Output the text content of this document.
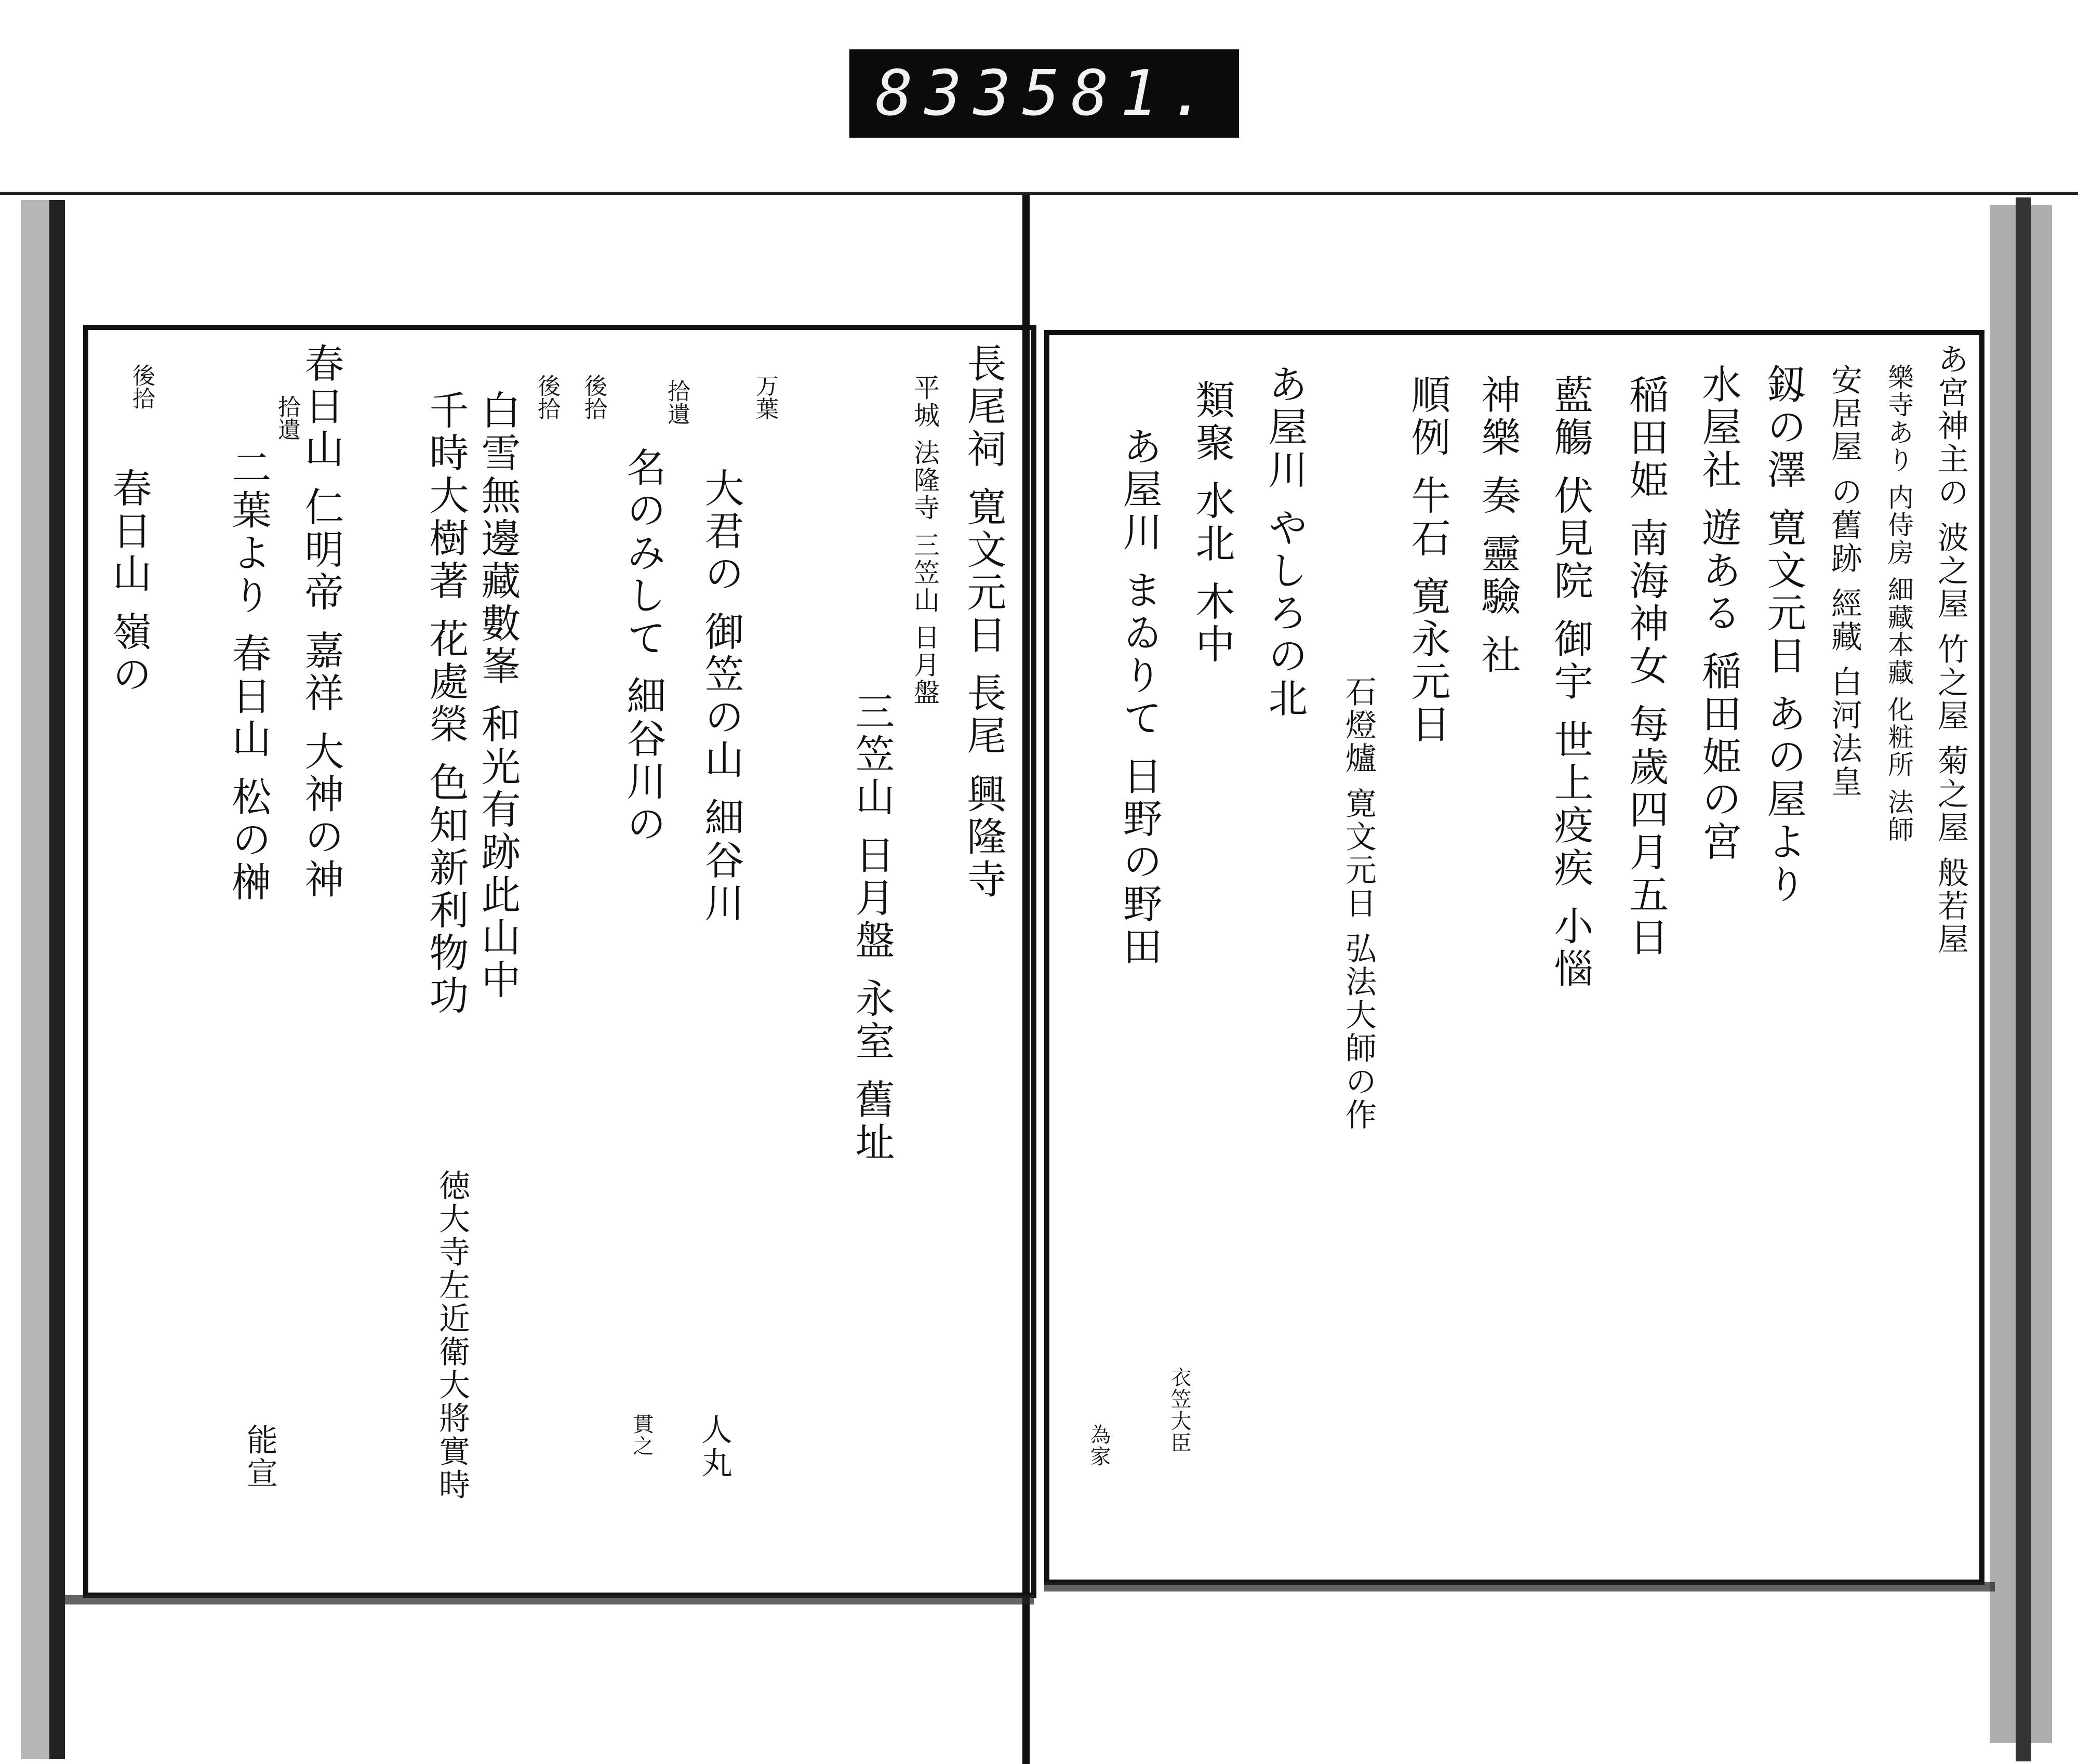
833 581.
あ宮神主の 波之屋 竹之屋 菊之屋 般若屋
樂寺あり 内侍房 細藏本藏 化粧所 法師
安居屋 の舊跡 經藏 白河法皇
釼の澤 寛文元日 あの屋より
水屋社 遊ある 稲田姫の宮
稲田姫 南海神女 每歲四月五日
藍觴 伏見院 御宇 世上疫疾 小惱
神樂 奏 靈驗 社
順例 牛石 寛永元日
石燈爐 寛文元日 弘法大師の作
あ屋川 やしろの北
類聚 水北 木中
あ屋川 まゐりて 日野の野田
衣笠大臣
為家
長尾祠 寛文元日 長尾 興隆寺
平城 法隆寺 三笠山 日月盤
三笠山 日月盤 永室 舊址
万葉
大君の 御笠の山 細谷川
拾遺
名のみして 細谷川の
後拾
人丸
貫之
後拾
白雪無邊藏數峯 和光有跡此山中
千時大樹著 花處榮 色知新利物功
徳大寺左近衛大將實時
拾遺
春日山 仁明帝 嘉祥 大神の神
二葉より 春日山 松の榊
春日山 嶺の
能宣
後拾
